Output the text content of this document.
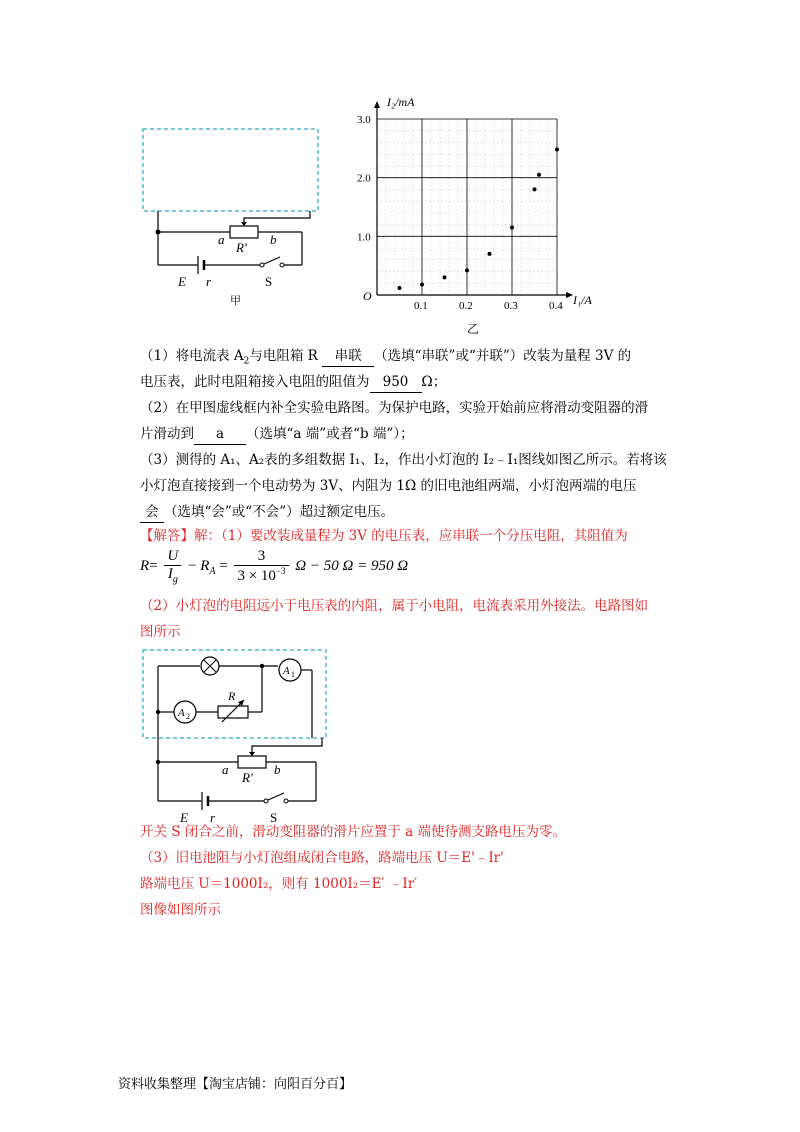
a
R'
b
E r	S
甲	0.1	0.2	0.3	0.4
1.0
2.0
3.0
I₂/mA
I₁/A
O
乙
（1）将电流表 $A_2$与电阻箱 R 串联 （选填“串联”或“并联”）改装为量程 3V 的
电压表，此时电阻箱接入电阻的阻值为 950 Ω；
（2）在甲图虚线框内补全实验电路图。为保护电路，实验开始前应将滑动变阻器的滑
片滑动到 a （选填“a 端”或者“b 端”）；
（3）测得的 A₁、A₂表的多组数据 I₁、I₂，作出小灯泡的 I₂﹣I₁图线如图乙所示。若将该
小灯泡直接接到一个电动势为 3V、内阻为 1Ω 的旧电池组两端，小灯泡两端的电压
会 （选填“会”或“不会”）超过额定电压。
【解答】解：（1）要改装成量程为 3V 的电压表，应串联一个分压电阻，其阻值为
$R= \frac{U}{I_g} - R_A = \frac{3}{3 \times 10^{-3}}$ Ω − 50 Ω = 950 Ω
（2）小灯泡的电阻远小于电压表的内阻，属于小电阻，电流表采用外接法。电路图如
图所示
A 1
A 2
R
a
R'
b
E r	S
开关 S 闭合之前，滑动变阻器的滑片应置于 a 端使待测支路电压为零。
（3）旧电池阻与小灯泡组成闭合电路，路端电压 U＝E'﹣Ir'
路端电压 U＝1000I₂，则有 1000I₂＝E′ ﹣Ir′
图像如图所示
资料收集整理【淘宝店铺：向阳百分百】
